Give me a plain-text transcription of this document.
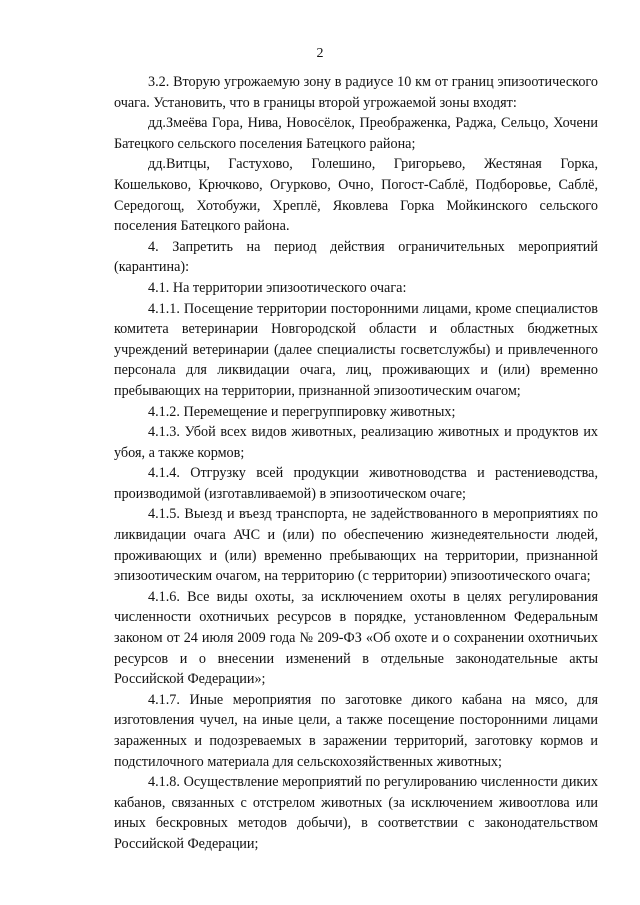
2

3.2. Вторую угрожаемую зону в радиусе 10 км от границ эпизоотического очага. Установить, что в границы второй угрожаемой зоны входят:

дд.Змеёва Гора, Нива, Новосёлок, Преображенка, Раджа, Сельцо, Хочени Батецкого сельского поселения Батецкого района;

дд.Витцы, Гастухово, Голешино, Григорьево, Жестяная Горка, Кошельково, Крючково, Огурково, Очно, Погост-Саблё, Подборовье, Саблё, Середогощ, Хотобужи, Хреплё, Яковлева Горка Мойкинского сельского поселения Батецкого района.

4. Запретить на период действия ограничительных мероприятий (карантина):

4.1. На территории эпизоотического очага:

4.1.1. Посещение территории посторонними лицами, кроме специалистов комитета ветеринарии Новгородской области и областных бюджетных учреждений ветеринарии (далее специалисты госветслужбы) и привлеченного персонала для ликвидации очага, лиц, проживающих и (или) временно пребывающих на территории, признанной эпизоотическим очагом;

4.1.2. Перемещение и перегруппировку животных;

4.1.3. Убой всех видов животных, реализацию животных и продуктов их убоя, а также кормов;

4.1.4. Отгрузку всей продукции животноводства и растениеводства, производимой (изготавливаемой) в эпизоотическом очаге;

4.1.5. Выезд и въезд транспорта, не задействованного в мероприятиях по ликвидации очага АЧС и (или) по обеспечению жизнедеятельности людей, проживающих и (или) временно пребывающих на территории, признанной эпизоотическим очагом, на территорию (с территории) эпизоотического очага;

4.1.6. Все виды охоты, за исключением охоты в целях регулирования численности охотничьих ресурсов в порядке, установленном Федеральным законом от 24 июля 2009 года № 209-ФЗ «Об охоте и о сохранении охотничьих ресурсов и о внесении изменений в отдельные законодательные акты Российской Федерации»;

4.1.7. Иные мероприятия по заготовке дикого кабана на мясо, для изготовления чучел, на иные цели, а также посещение посторонними лицами зараженных и подозреваемых в заражении территорий, заготовку кормов и подстилочного материала для сельскохозяйственных животных;

4.1.8. Осуществление мероприятий по регулированию численности диких кабанов, связанных с отстрелом животных (за исключением живоотлова или иных бескровных методов добычи), в соответствии с законодательством Российской Федерации;
